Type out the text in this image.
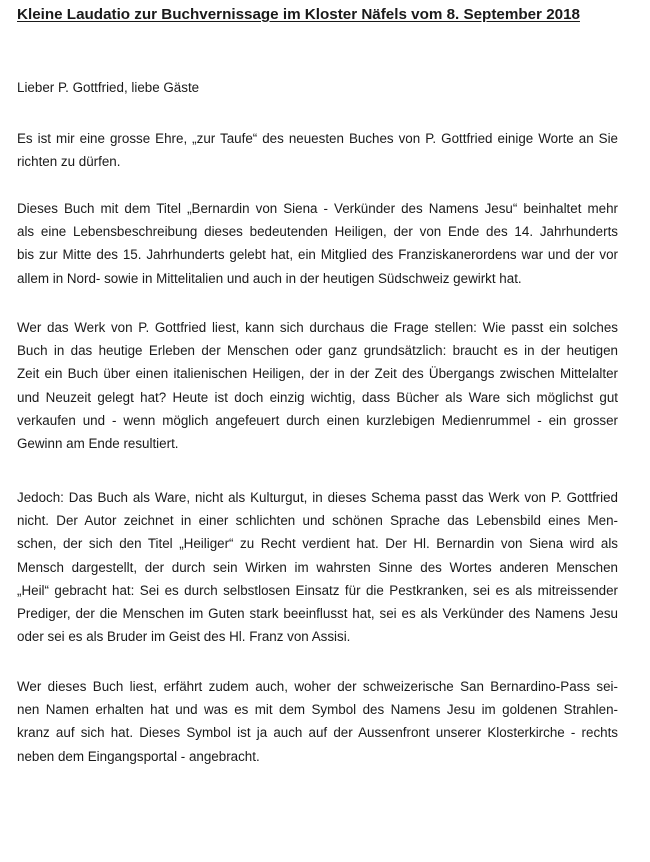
Kleine Laudatio zur Buchvernissage im Kloster Näfels vom 8. September 2018
Lieber P. Gottfried, liebe Gäste
Es ist mir eine grosse Ehre, „zur Taufe“ des neuesten Buches von P. Gottfried einige Worte an Sie
richten zu dürfen.
Dieses Buch mit dem Titel „Bernardin von Siena - Verkünder des Namens Jesu“ beinhaltet mehr
als eine Lebensbeschreibung dieses bedeutenden Heiligen, der von Ende des 14. Jahrhunderts
bis zur Mitte des 15. Jahrhunderts gelebt hat, ein Mitglied des Franziskanerordens war und der vor
allem in Nord- sowie in Mittelitalien und auch in der heutigen Südschweiz gewirkt hat.
Wer das Werk von P. Gottfried liest, kann sich durchaus die Frage stellen: Wie passt ein solches
Buch in das heutige Erleben der Menschen oder ganz grundsätzlich: braucht es in der heutigen
Zeit ein Buch über einen italienischen Heiligen, der in der Zeit des Übergangs zwischen Mittelalter
und Neuzeit gelegt hat? Heute ist doch einzig wichtig, dass Bücher als Ware sich möglichst gut
verkaufen und - wenn möglich angefeuert durch einen kurzlebigen Medienrummel - ein grosser
Gewinn am Ende resultiert.
Jedoch: Das Buch als Ware, nicht als Kulturgut, in dieses Schema passt das Werk von P. Gottfried
nicht. Der Autor zeichnet in einer schlichten und schönen Sprache das Lebensbild eines Men-
schen, der sich den Titel „Heiliger“ zu Recht verdient hat. Der Hl. Bernardin von Siena wird als
Mensch dargestellt, der durch sein Wirken im wahrsten Sinne des Wortes anderen Menschen
„Heil“ gebracht hat: Sei es durch selbstlosen Einsatz für die Pestkranken, sei es als mitreissender
Prediger, der die Menschen im Guten stark beeinflusst hat, sei es als Verkünder des Namens Jesu
oder sei es als Bruder im Geist des Hl. Franz von Assisi.
Wer dieses Buch liest, erfährt zudem auch, woher der schweizerische San Bernardino-Pass sei-
nen Namen erhalten hat und was es mit dem Symbol des Namens Jesu im goldenen Strahlen-
kranz auf sich hat. Dieses Symbol ist ja auch auf der Aussenfront unserer Klosterkirche - rechts
neben dem Eingangsportal - angebracht.
